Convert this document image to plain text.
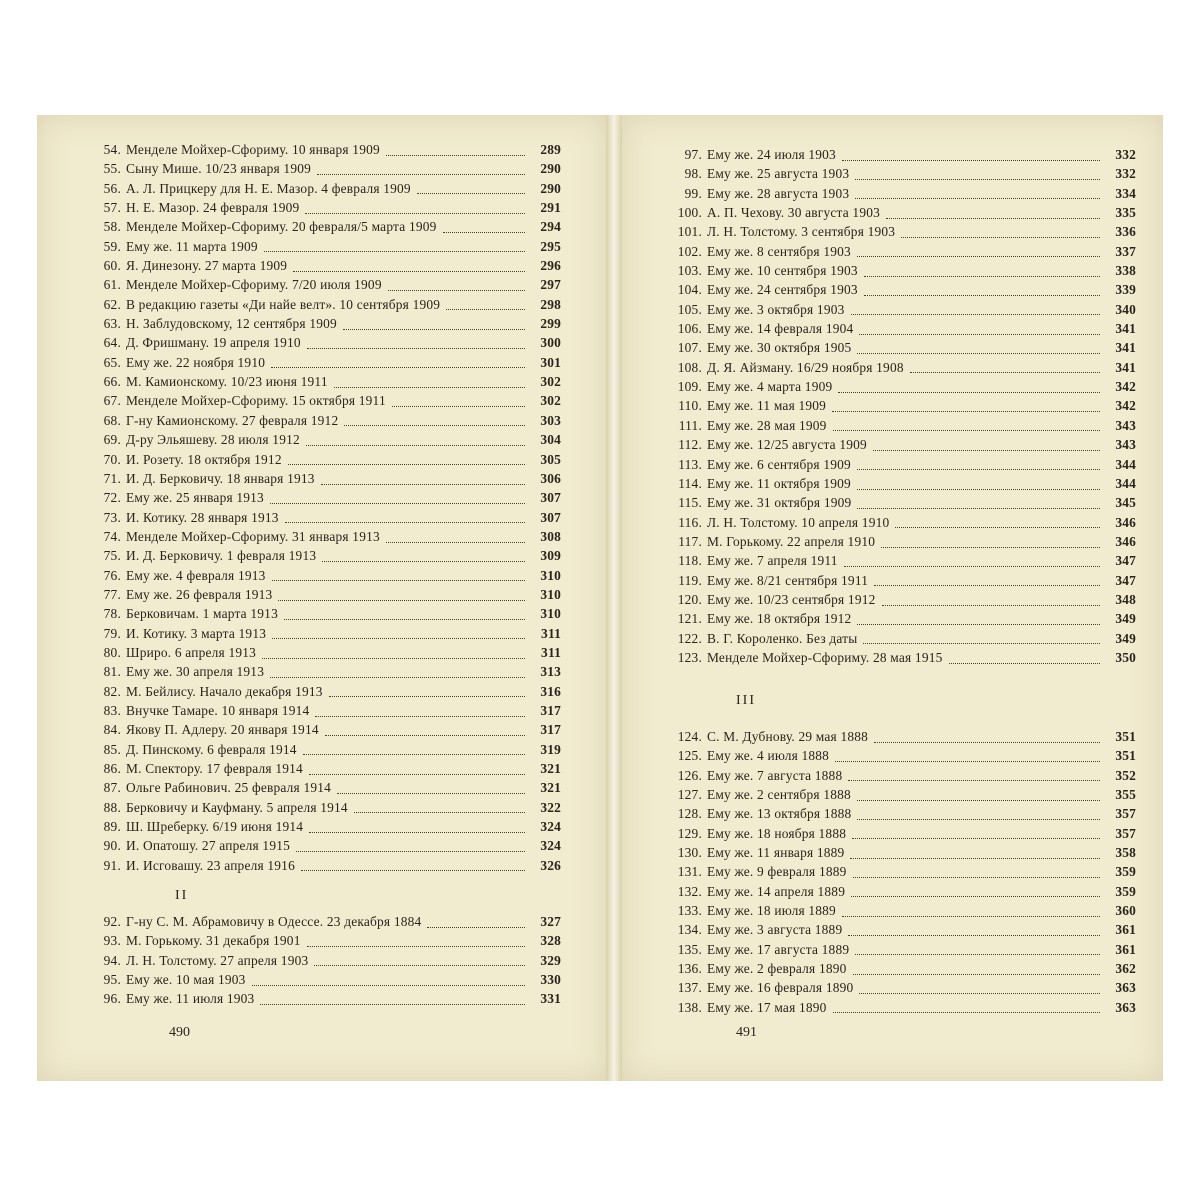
54. Менделе Мойхер-Сфориму. 10 января 1909	289
55. Сыну Мише. 10/23 января 1909	290
56. А. Л. Прицкеру для Н. Е. Мазор. 4 февраля 1909	290
57. Н. Е. Мазор. 24 февраля 1909	291
58. Менделе Мойхер-Сфориму. 20 февраля/5 марта 1909	294
59. Ему же. 11 марта 1909	295
60. Я. Динезону. 27 марта 1909	296
61. Менделе Мойхер-Сфориму. 7/20 июля 1909	297
62. В редакцию газеты «Ди найе велт». 10 сентября 1909	298
63. Н. Заблудовскому, 12 сентября 1909	299
64. Д. Фришману. 19 апреля 1910	300
65. Ему же. 22 ноября 1910	301
66. М. Камионскому. 10/23 июня 1911	302
67. Менделе Мойхер-Сфориму. 15 октября 1911	302
68. Г-ну Камионскому. 27 февраля 1912	303
69. Д-ру Эльяшеву. 28 июля 1912	304
70. И. Розету. 18 октября 1912	305
71. И. Д. Берковичу. 18 января 1913	306
72. Ему же. 25 января 1913	307
73. И. Котику. 28 января 1913	307
74. Менделе Мойхер-Сфориму. 31 января 1913	308
75. И. Д. Берковичу. 1 февраля 1913	309
76. Ему же. 4 февраля 1913	310
77. Ему же. 26 февраля 1913	310
78. Берковичам. 1 марта 1913	310
79. И. Котику. 3 марта 1913	311
80. Шриро. 6 апреля 1913	311
81. Ему же. 30 апреля 1913	313
82. М. Бейлису. Начало декабря 1913	316
83. Внучке Тамаре. 10 января 1914	317
84. Якову П. Адлеру. 20 января 1914	317
85. Д. Пинскому. 6 февраля 1914	319
86. М. Спектору. 17 февраля 1914	321
87. Ольге Рабинович. 25 февраля 1914	321
88. Берковичу и Кауфману. 5 апреля 1914	322
89. Ш. Шреберку. 6/19 июня 1914	324
90. И. Опатошу. 27 апреля 1915	324
91. И. Исговашу. 23 апреля 1916	326
II
92. Г-ну С. М. Абрамовичу в Одессе. 23 декабря 1884	327
93. М. Горькому. 31 декабря 1901	328
94. Л. Н. Толстому. 27 апреля 1903	329
95. Ему же. 10 мая 1903	330
96. Ему же. 11 июля 1903	331
490
97. Ему же. 24 июля 1903	332
98. Ему же. 25 августа 1903	332
99. Ему же. 28 августа 1903	334
100. А. П. Чехову. 30 августа 1903	335
101. Л. Н. Толстому. 3 сентября 1903	336
102. Ему же. 8 сентября 1903	337
103. Ему же. 10 сентября 1903	338
104. Ему же. 24 сентября 1903	339
105. Ему же. 3 октября 1903	340
106. Ему же. 14 февраля 1904	341
107. Ему же. 30 октября 1905	341
108. Д. Я. Айзману. 16/29 ноября 1908	341
109. Ему же. 4 марта 1909	342
110. Ему же. 11 мая 1909	342
111. Ему же. 28 мая 1909	343
112. Ему же. 12/25 августа 1909	343
113. Ему же. 6 сентября 1909	344
114. Ему же. 11 октября 1909	344
115. Ему же. 31 октября 1909	345
116. Л. Н. Толстому. 10 апреля 1910	346
117. М. Горькому. 22 апреля 1910	346
118. Ему же. 7 апреля 1911	347
119. Ему же. 8/21 сентября 1911	347
120. Ему же. 10/23 сентября 1912	348
121. Ему же. 18 октября 1912	349
122. В. Г. Короленко. Без даты	349
123. Менделе Мойхер-Сфориму. 28 мая 1915	350
III
124. С. М. Дубнову. 29 мая 1888	351
125. Ему же. 4 июля 1888	351
126. Ему же. 7 августа 1888	352
127. Ему же. 2 сентября 1888	355
128. Ему же. 13 октября 1888	357
129. Ему же. 18 ноября 1888	357
130. Ему же. 11 января 1889	358
131. Ему же. 9 февраля 1889	359
132. Ему же. 14 апреля 1889	359
133. Ему же. 18 июля 1889	360
134. Ему же. 3 августа 1889	361
135. Ему же. 17 августа 1889	361
136. Ему же. 2 февраля 1890	362
137. Ему же. 16 февраля 1890	363
138. Ему же. 17 мая 1890	363
491
